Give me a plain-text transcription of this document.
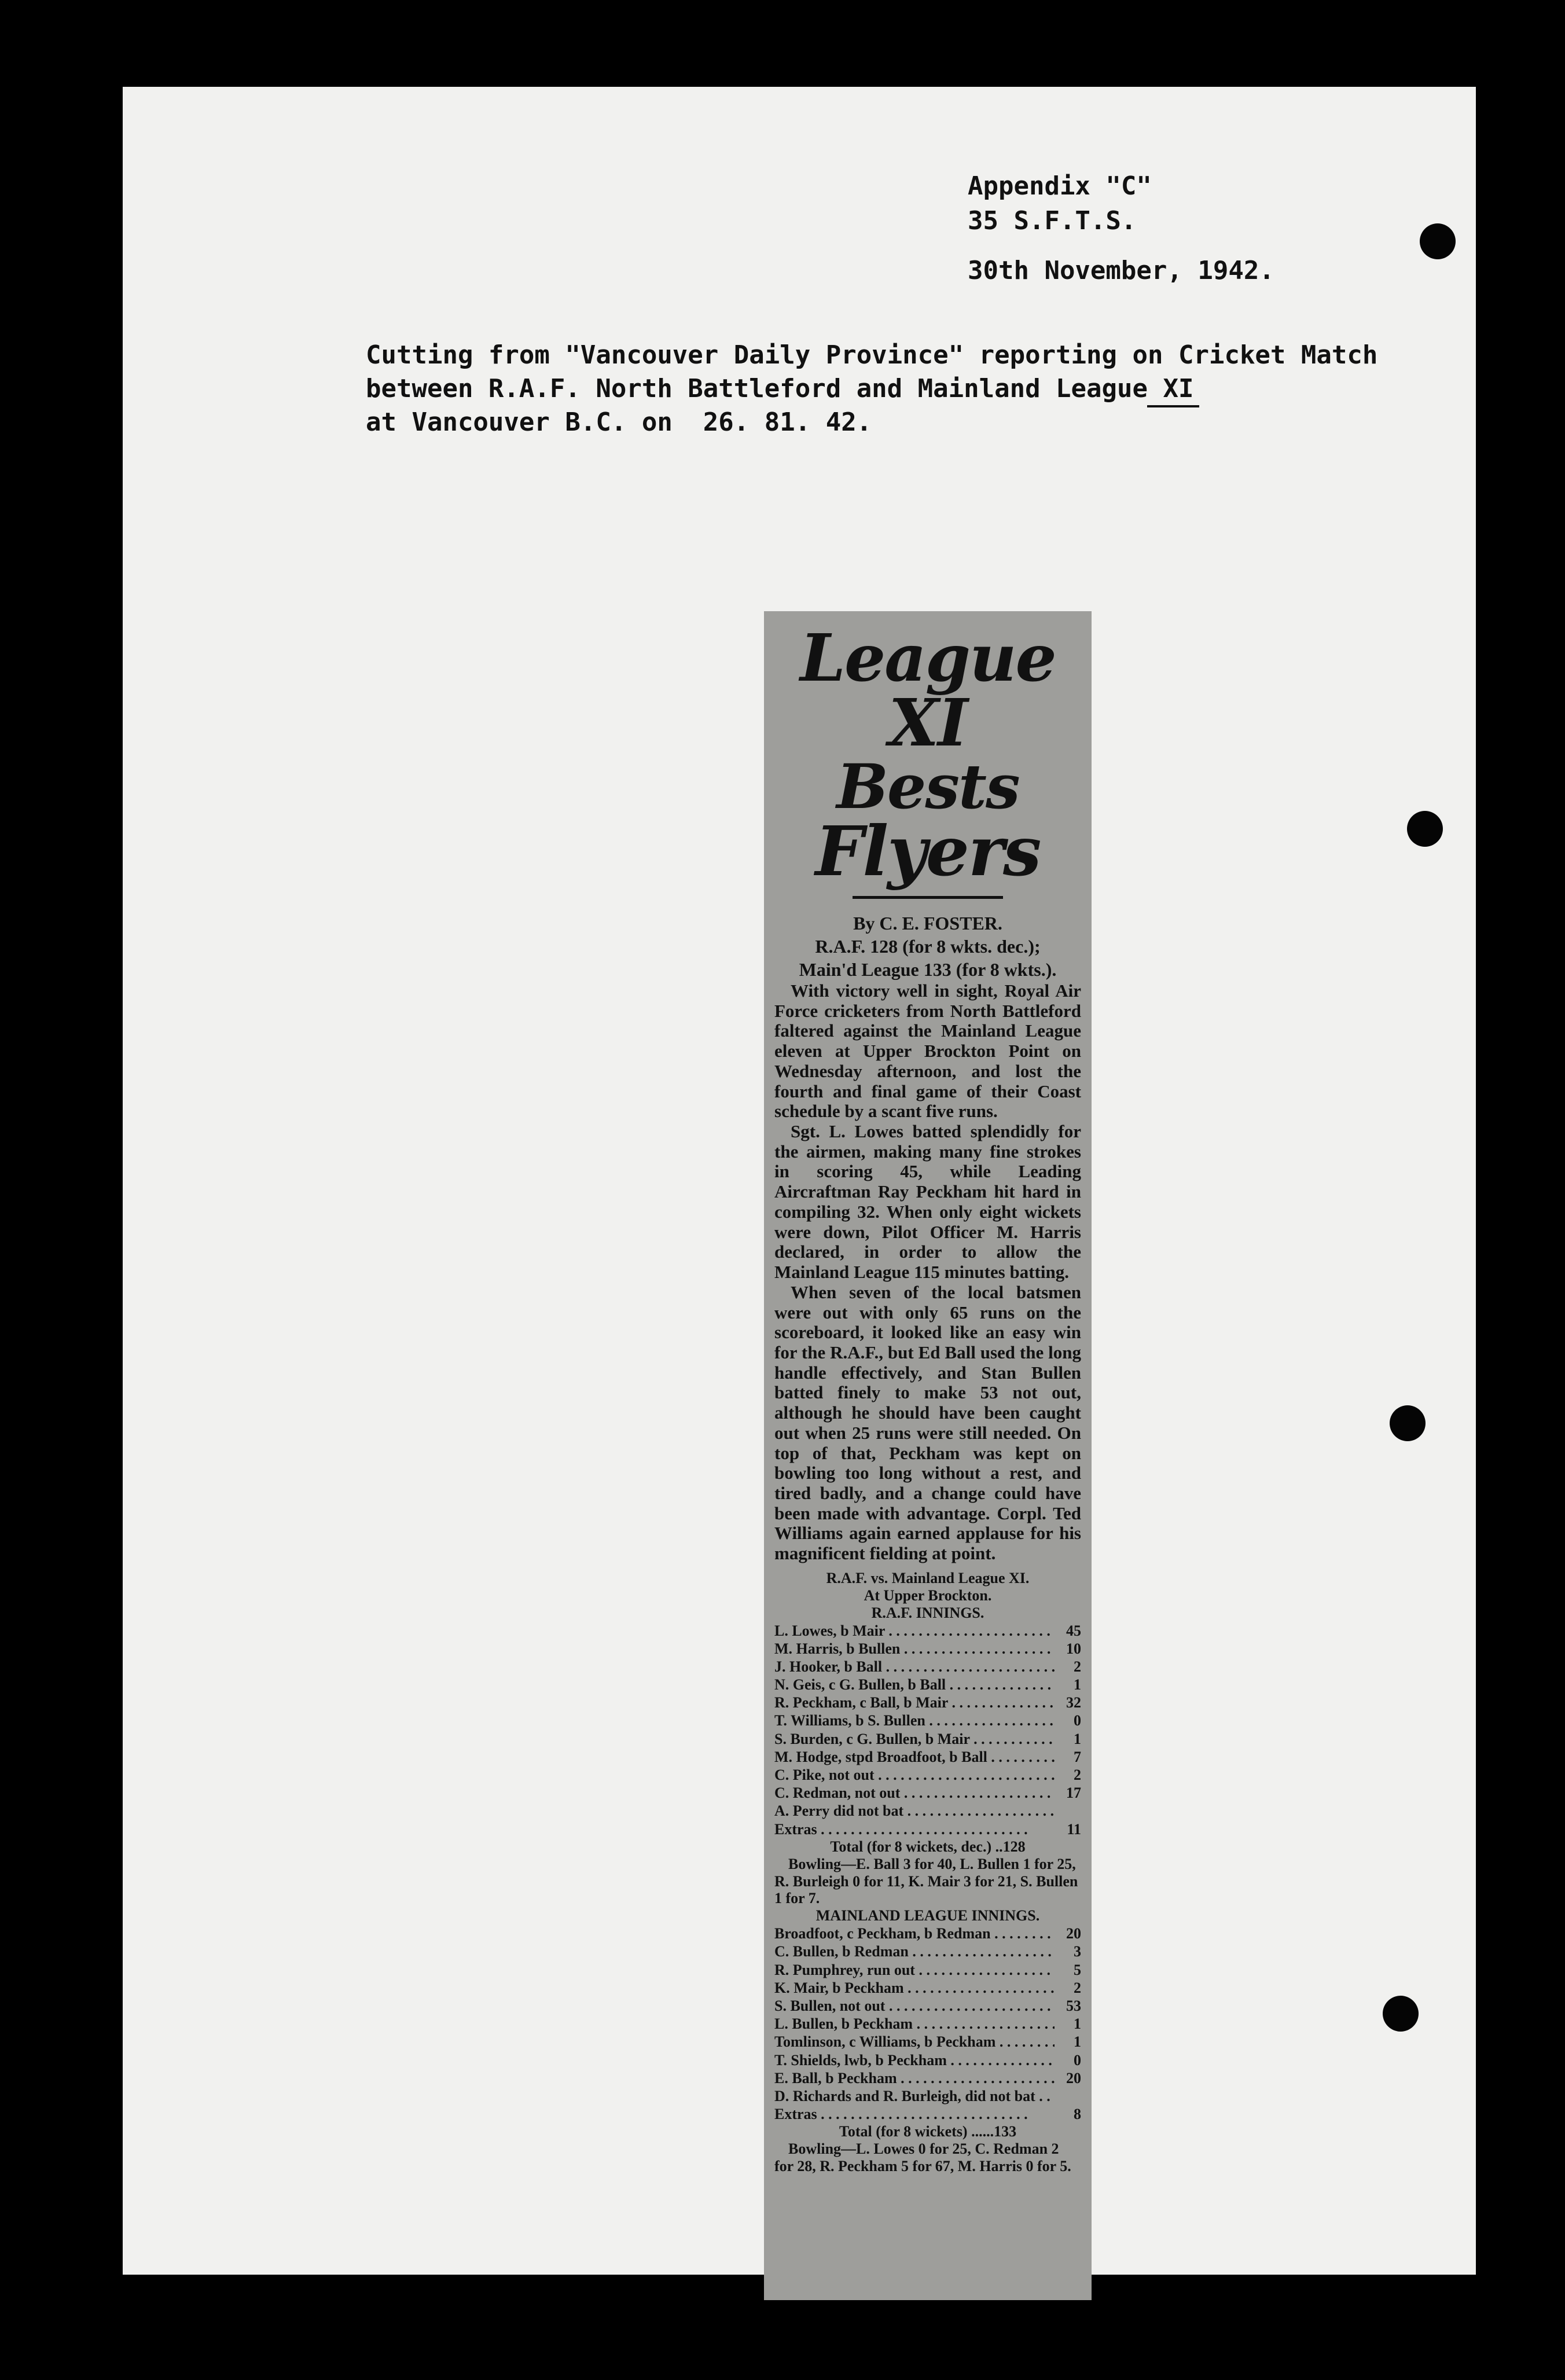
Appendix "C"
35 S.F.T.S.
30th November, 1942.
Cutting from "Vancouver Daily Province" reporting on Cricket Match
between R.A.F. North Battleford and Mainland League XI
at Vancouver B.C. on  26. 81. 42.
League XI
Bests
Flyers
By C. E. FOSTER.
R.A.F. 128 (for 8 wkts. dec.);
Main'd League 133 (for 8 wkts.).
With victory well in sight, Royal Air Force cricketers from North Battleford faltered against the Mainland League eleven at Upper Brockton Point on Wednesday afternoon, and lost the fourth and final game of their Coast schedule by a scant five runs.
Sgt. L. Lowes batted splendidly for the airmen, making many fine strokes in scoring 45, while Leading Aircraftman Ray Peckham hit hard in compiling 32. When only eight wickets were down, Pilot Officer M. Harris declared, in order to allow the Mainland League 115 minutes batting.
When seven of the local batsmen were out with only 65 runs on the scoreboard, it looked like an easy win for the R.A.F., but Ed Ball used the long handle effectively, and Stan Bullen batted finely to make 53 not out, although he should have been caught out when 25 runs were still needed. On top of that, Peckham was kept on bowling too long without a rest, and tired badly, and a change could have been made with advantage. Corpl. Ted Williams again earned applause for his magnificent fielding at point.
R.A.F. vs. Mainland League XI.
At Upper Brockton.
R.A.F. INNINGS.
L. Lowes, b Mair . . .	45
M. Harris, b Bullen . . .	10
J. Hooker, b Ball . . .	2
N. Geis, c G. Bullen, b Ball . . .	1
R. Peckham, c Ball, b Mair . . .	32
T. Williams, b S. Bullen . . .	0
S. Burden, c G. Bullen, b Mair . . .	1
M. Hodge, stpd Broadfoot, b Ball . . .	7
C. Pike, not out . . .	2
C. Redman, not out . . .	17
A. Perry did not bat . . .
Extras . . .	11
Total (for 8 wickets, dec.) ..128
Bowling—E. Ball 3 for 40, L. Bullen 1 for 25, R. Burleigh 0 for 11, K. Mair 3 for 21, S. Bullen 1 for 7.
MAINLAND LEAGUE INNINGS.
Broadfoot, c Peckham, b Redman . . .	20
C. Bullen, b Redman . . .	3
R. Pumphrey, run out . . .	5
K. Mair, b Peckham . . .	2
S. Bullen, not out . . .	53
L. Bullen, b Peckham . . .	1
Tomlinson, c Williams, b Peckham . . .	1
T. Shields, lwb, b Peckham . . .	0
E. Ball, b Peckham . . .	20
D. Richards and R. Burleigh, did not bat . . .
Extras . . .	8
Total (for 8 wickets) ......133
Bowling—L. Lowes 0 for 25, C. Redman 2 for 28, R. Peckham 5 for 67, M. Harris 0 for 5.
